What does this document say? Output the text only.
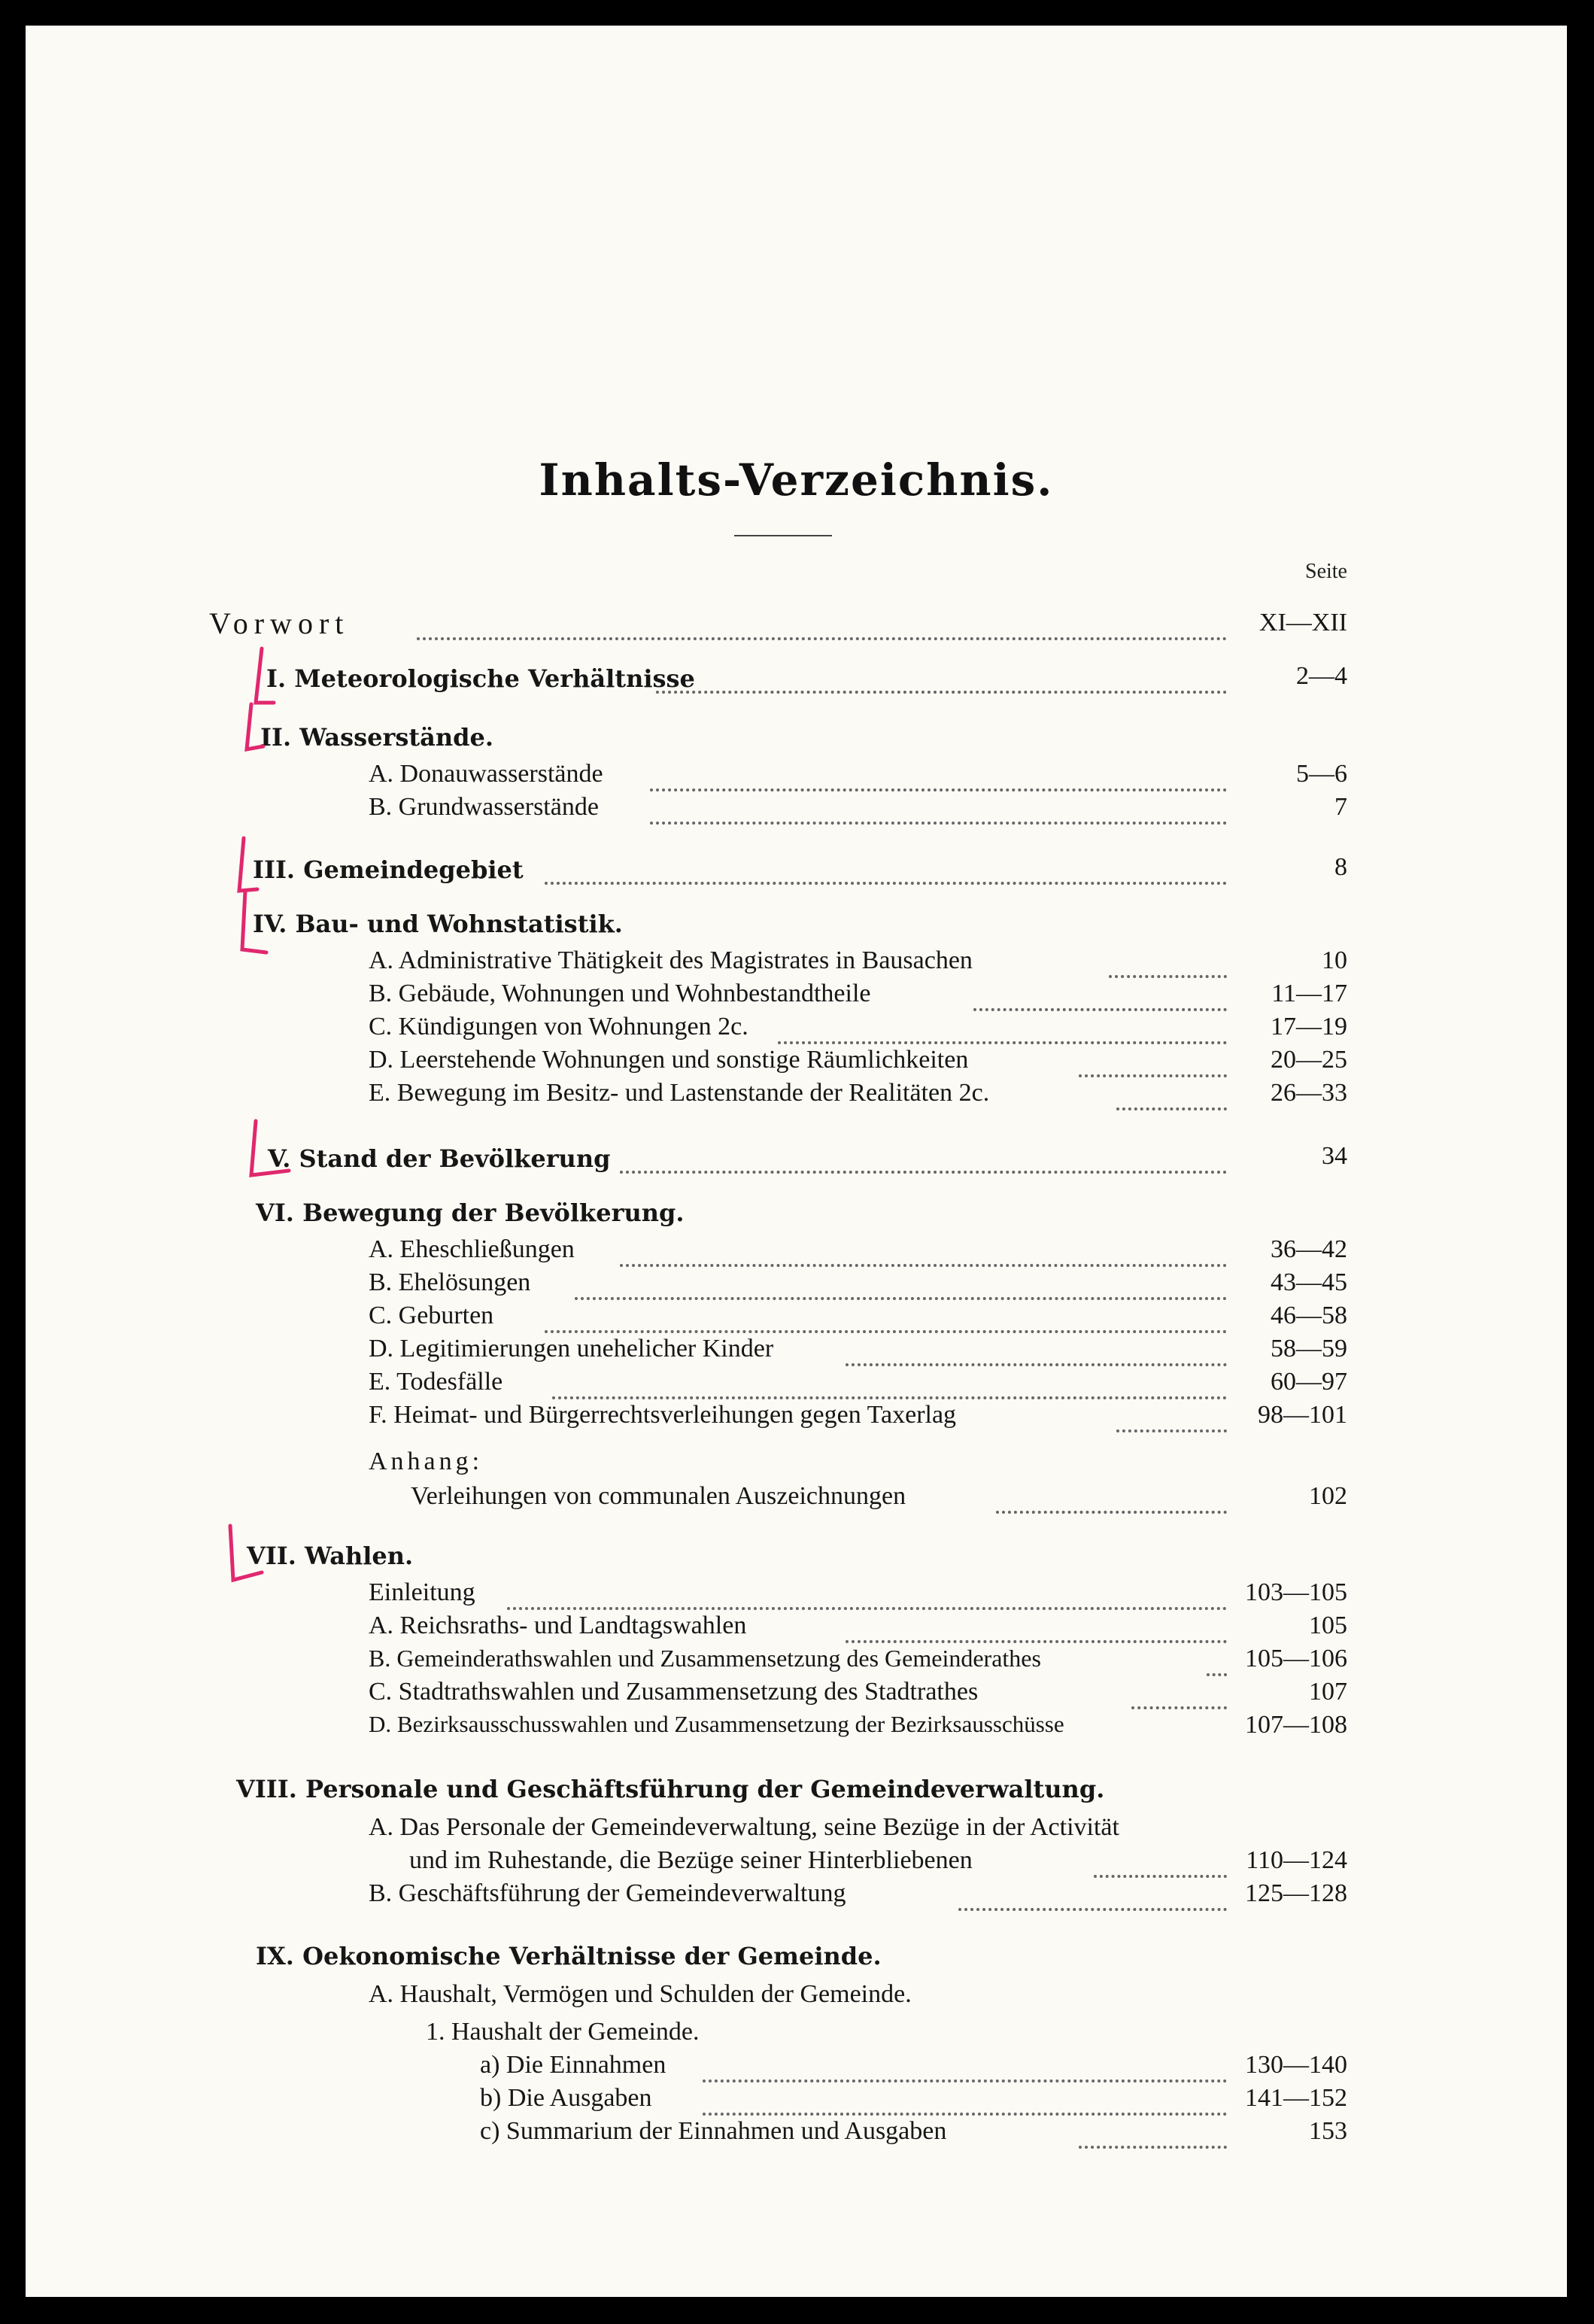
Inhalts-Verzeichnis.
Seite
Vorwort	XI—XII
I. Meteorologische Verhältnisse	2—4
II. Wasserstände.
A. Donauwasserstände	5—6
B. Grundwasserstände	7
III. Gemeindegebiet	8
IV. Bau- und Wohnstatistik.
A. Administrative Thätigkeit des Magistrates in Bausachen	10
B. Gebäude, Wohnungen und Wohnbestandtheile	11—17
C. Kündigungen von Wohnungen 2c.	17—19
D. Leerstehende Wohnungen und sonstige Räumlichkeiten	20—25
E. Bewegung im Besitz- und Lastenstande der Realitäten 2c.	26—33
V. Stand der Bevölkerung	34
VI. Bewegung der Bevölkerung.
A. Eheschließungen	36—42
B. Ehelösungen	43—45
C. Geburten	46—58
D. Legitimierungen unehelicher Kinder	58—59
E. Todesfälle	60—97
F. Heimat- und Bürgerrechtsverleihungen gegen Taxerlag	98—101
Anhang:
Verleihungen von communalen Auszeichnungen	102
VII. Wahlen.
Einleitung	103—105
A. Reichsraths- und Landtagswahlen	105
B. Gemeinderathswahlen und Zusammensetzung des Gemeinderathes	105—106
C. Stadtrathswahlen und Zusammensetzung des Stadtrathes	107
D. Bezirksausschusswahlen und Zusammensetzung der Bezirksausschüsse	107—108
VIII. Personale und Geschäftsführung der Gemeindeverwaltung.
A. Das Personale der Gemeindeverwaltung, seine Bezüge in der Activität
und im Ruhestande, die Bezüge seiner Hinterbliebenen	110—124
B. Geschäftsführung der Gemeindeverwaltung	125—128
IX. Oekonomische Verhältnisse der Gemeinde.
A. Haushalt, Vermögen und Schulden der Gemeinde.
1. Haushalt der Gemeinde.
a) Die Einnahmen	130—140
b) Die Ausgaben	141—152
c) Summarium der Einnahmen und Ausgaben	153
